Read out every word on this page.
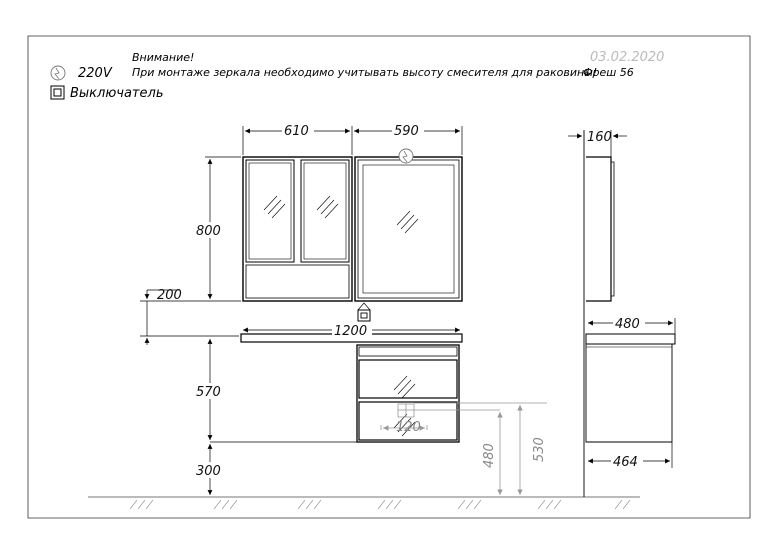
Внимание!
При монтаже зеркала необходимо учитывать высоту смесителя для раковины!
Фреш 56
03.02.2020
220V
Выключатель
610	590
800
200
1200
570
300
120
480	530
160
480
464
